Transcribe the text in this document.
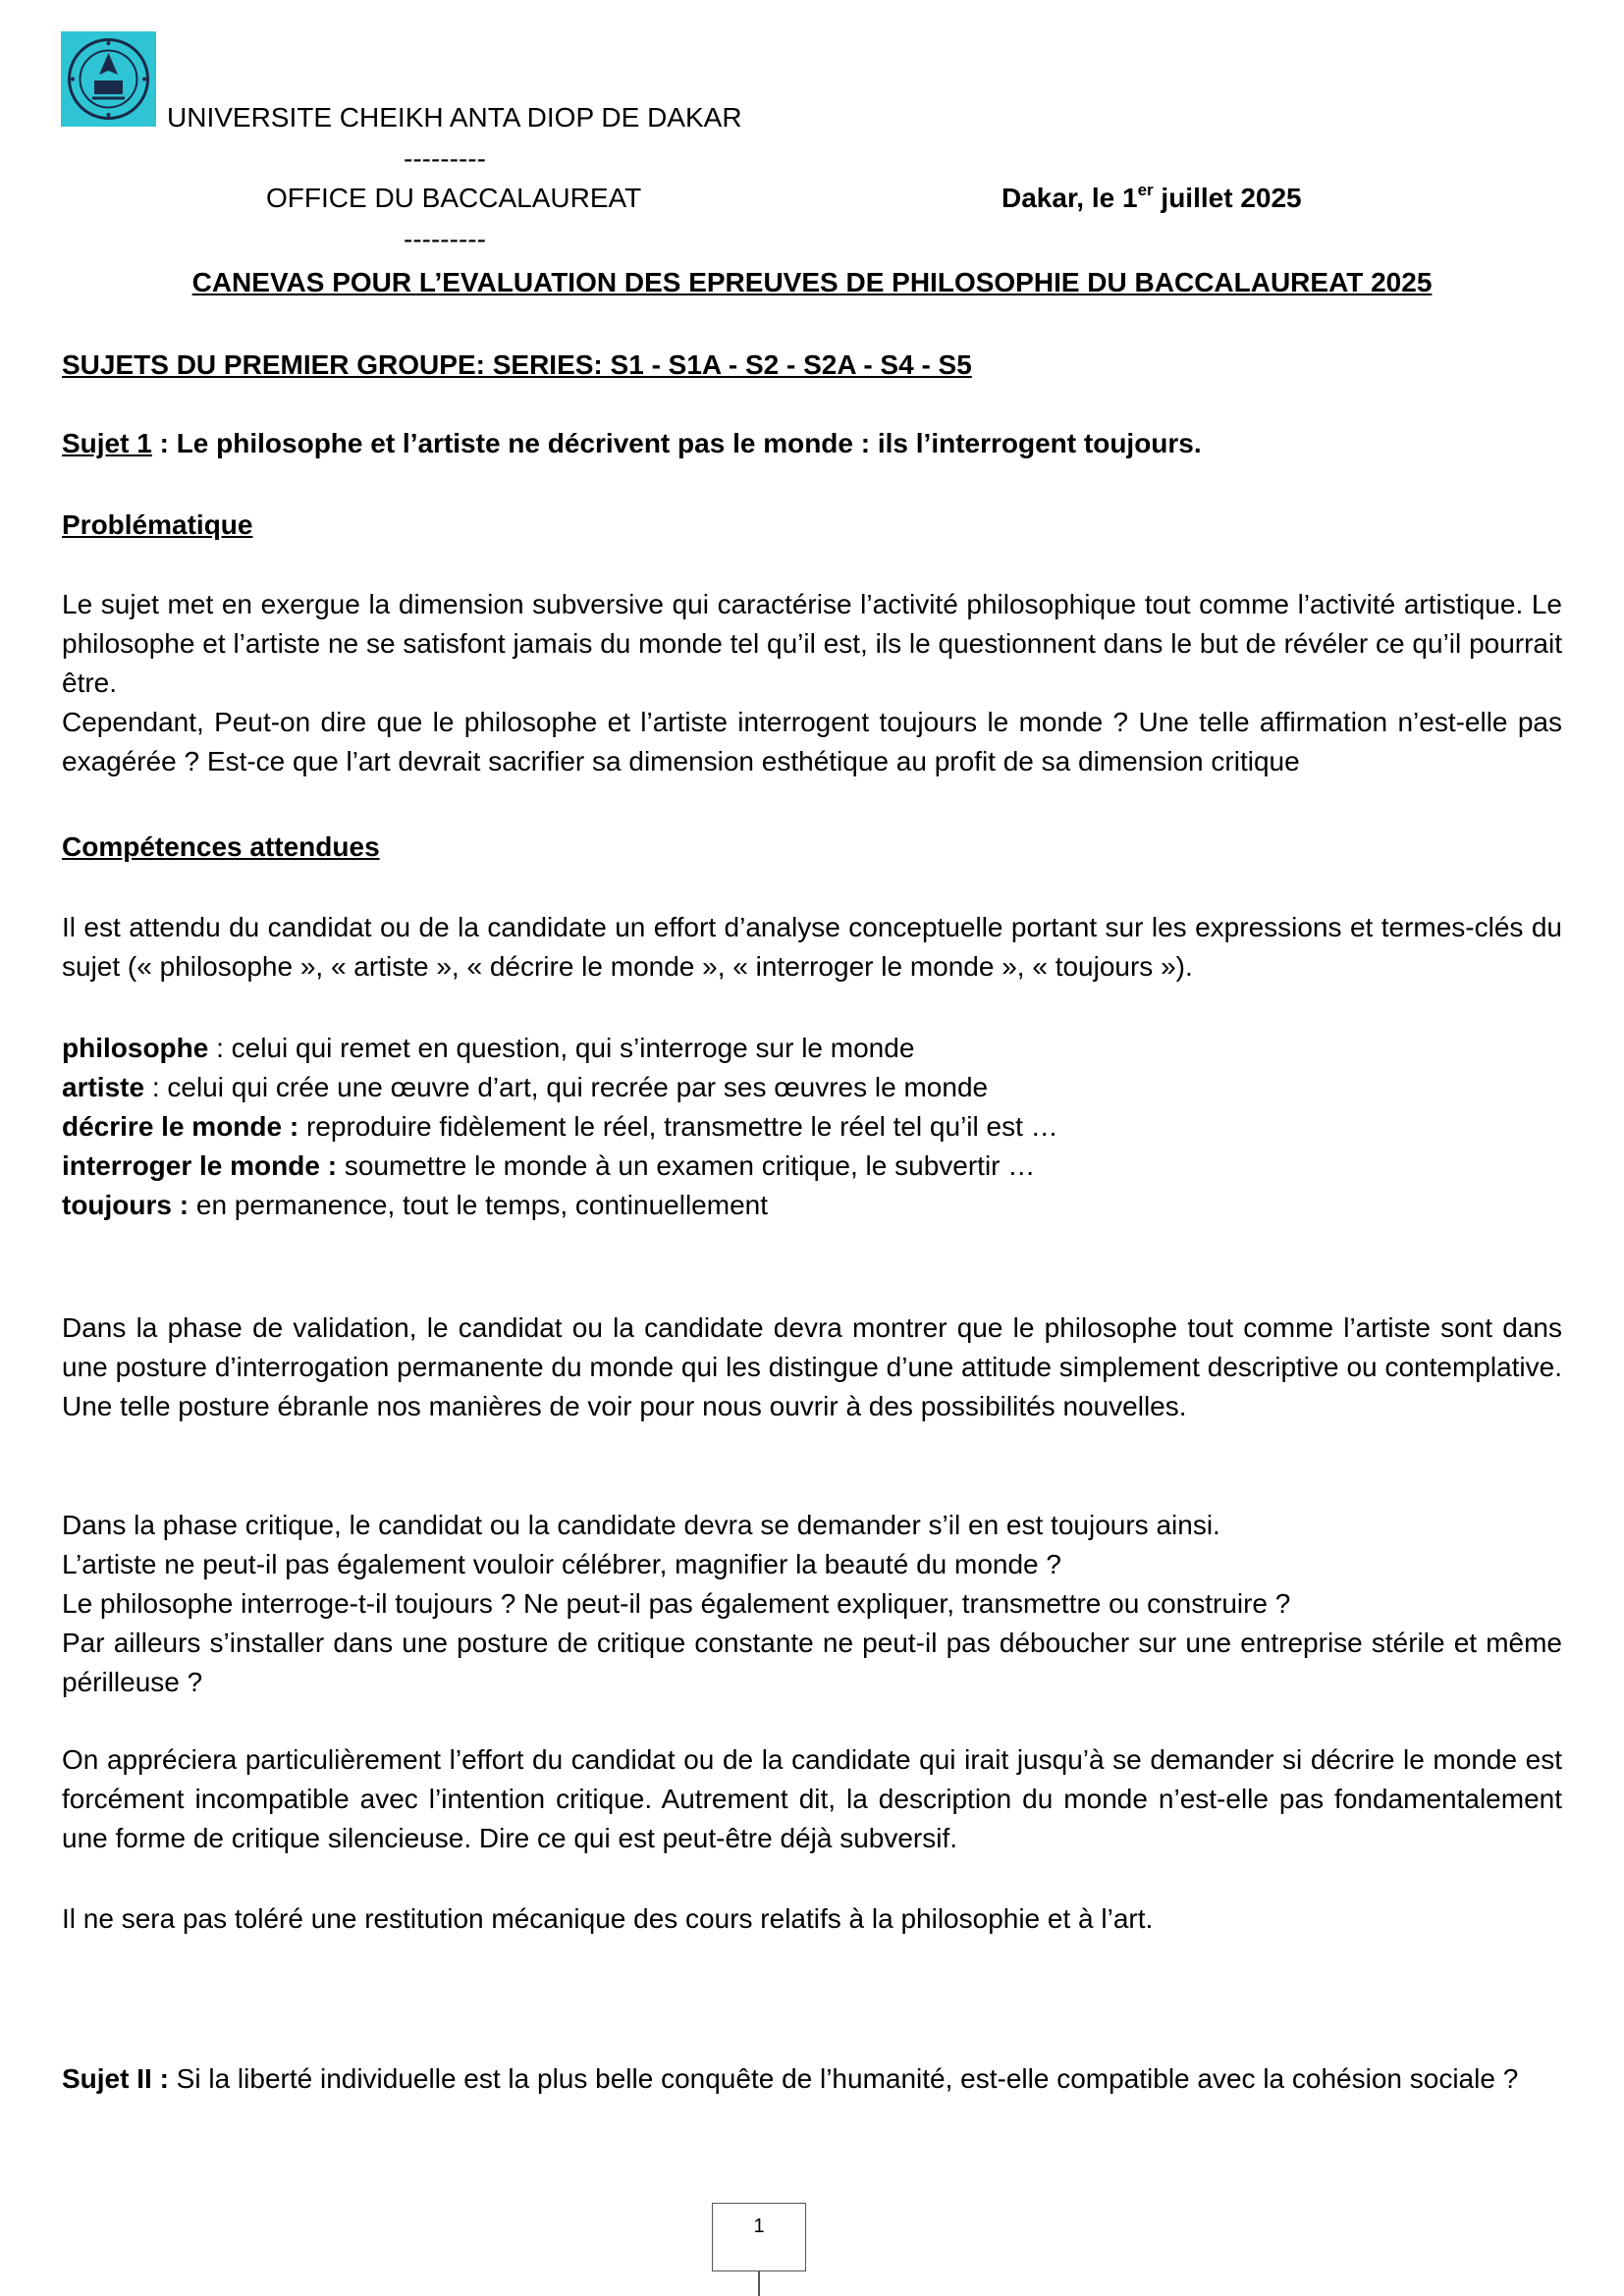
UNIVERSITE CHEIKH ANTA DIOP DE DAKAR
---------
OFFICE DU BACCALAUREAT	Dakar, le 1er juillet 2025
---------
CANEVAS POUR L’EVALUATION DES EPREUVES DE PHILOSOPHIE DU BACCALAUREAT 2025
SUJETS DU PREMIER GROUPE: SERIES: S1 - S1A - S2 - S2A - S4 - S5
Sujet 1 : Le philosophe et l’artiste ne décrivent pas le monde : ils l’interrogent toujours.
Problématique

Le sujet met en exergue la dimension subversive qui caractérise l’activité philosophique tout comme l’activité artistique. Le philosophe et l’artiste ne se satisfont jamais du monde tel qu’il est, ils le questionnent dans le but de révéler ce qu’il pourrait être.

Cependant, Peut-on dire que le philosophe et l’artiste interrogent toujours le monde ? Une telle affirmation n’est-elle pas exagérée ? Est-ce que l’art devrait sacrifier sa dimension esthétique au profit de sa dimension critique

Compétences attendues
Il est attendu du candidat ou de la candidate un effort d’analyse conceptuelle portant sur les expressions et termes-clés du sujet (« philosophe », « artiste », « décrire le monde », « interroger le monde », « toujours »).

philosophe : celui qui remet en question, qui s’interroge sur le monde

artiste : celui qui crée une œuvre d’art, qui recrée par ses œuvres le monde

décrire le monde : reproduire fidèlement le réel, transmettre le réel tel qu’il est …

interroger le monde : soumettre le monde à un examen critique, le subvertir …

toujours : en permanence, tout le temps, continuellement

Dans la phase de validation, le candidat ou la candidate devra montrer que le philosophe tout comme l’artiste sont dans une posture d’interrogation permanente du monde qui les distingue d’une attitude simplement descriptive ou contemplative. Une telle posture ébranle nos manières de voir pour nous ouvrir à des possibilités nouvelles.

Dans la phase critique, le candidat ou la candidate devra se demander s’il en est toujours ainsi.

L’artiste ne peut-il pas également vouloir célébrer, magnifier la beauté du monde ?

Le philosophe interroge-t-il toujours ? Ne peut-il pas également expliquer, transmettre ou construire ?

Par ailleurs s’installer dans une posture de critique constante ne peut-il pas déboucher sur une entreprise stérile et même périlleuse ?

On appréciera particulièrement l’effort du candidat ou de la candidate qui irait jusqu’à se demander si décrire le monde est forcément incompatible avec l’intention critique. Autrement dit, la description du monde n’est-elle pas fondamentalement une forme de critique silencieuse. Dire ce qui est peut-être déjà subversif.
Il ne sera pas toléré une restitution mécanique des cours relatifs à la philosophie et à l’art.
Sujet II : Si la liberté individuelle est la plus belle conquête de l’humanité, est-elle compatible avec la cohésion sociale ?
1
